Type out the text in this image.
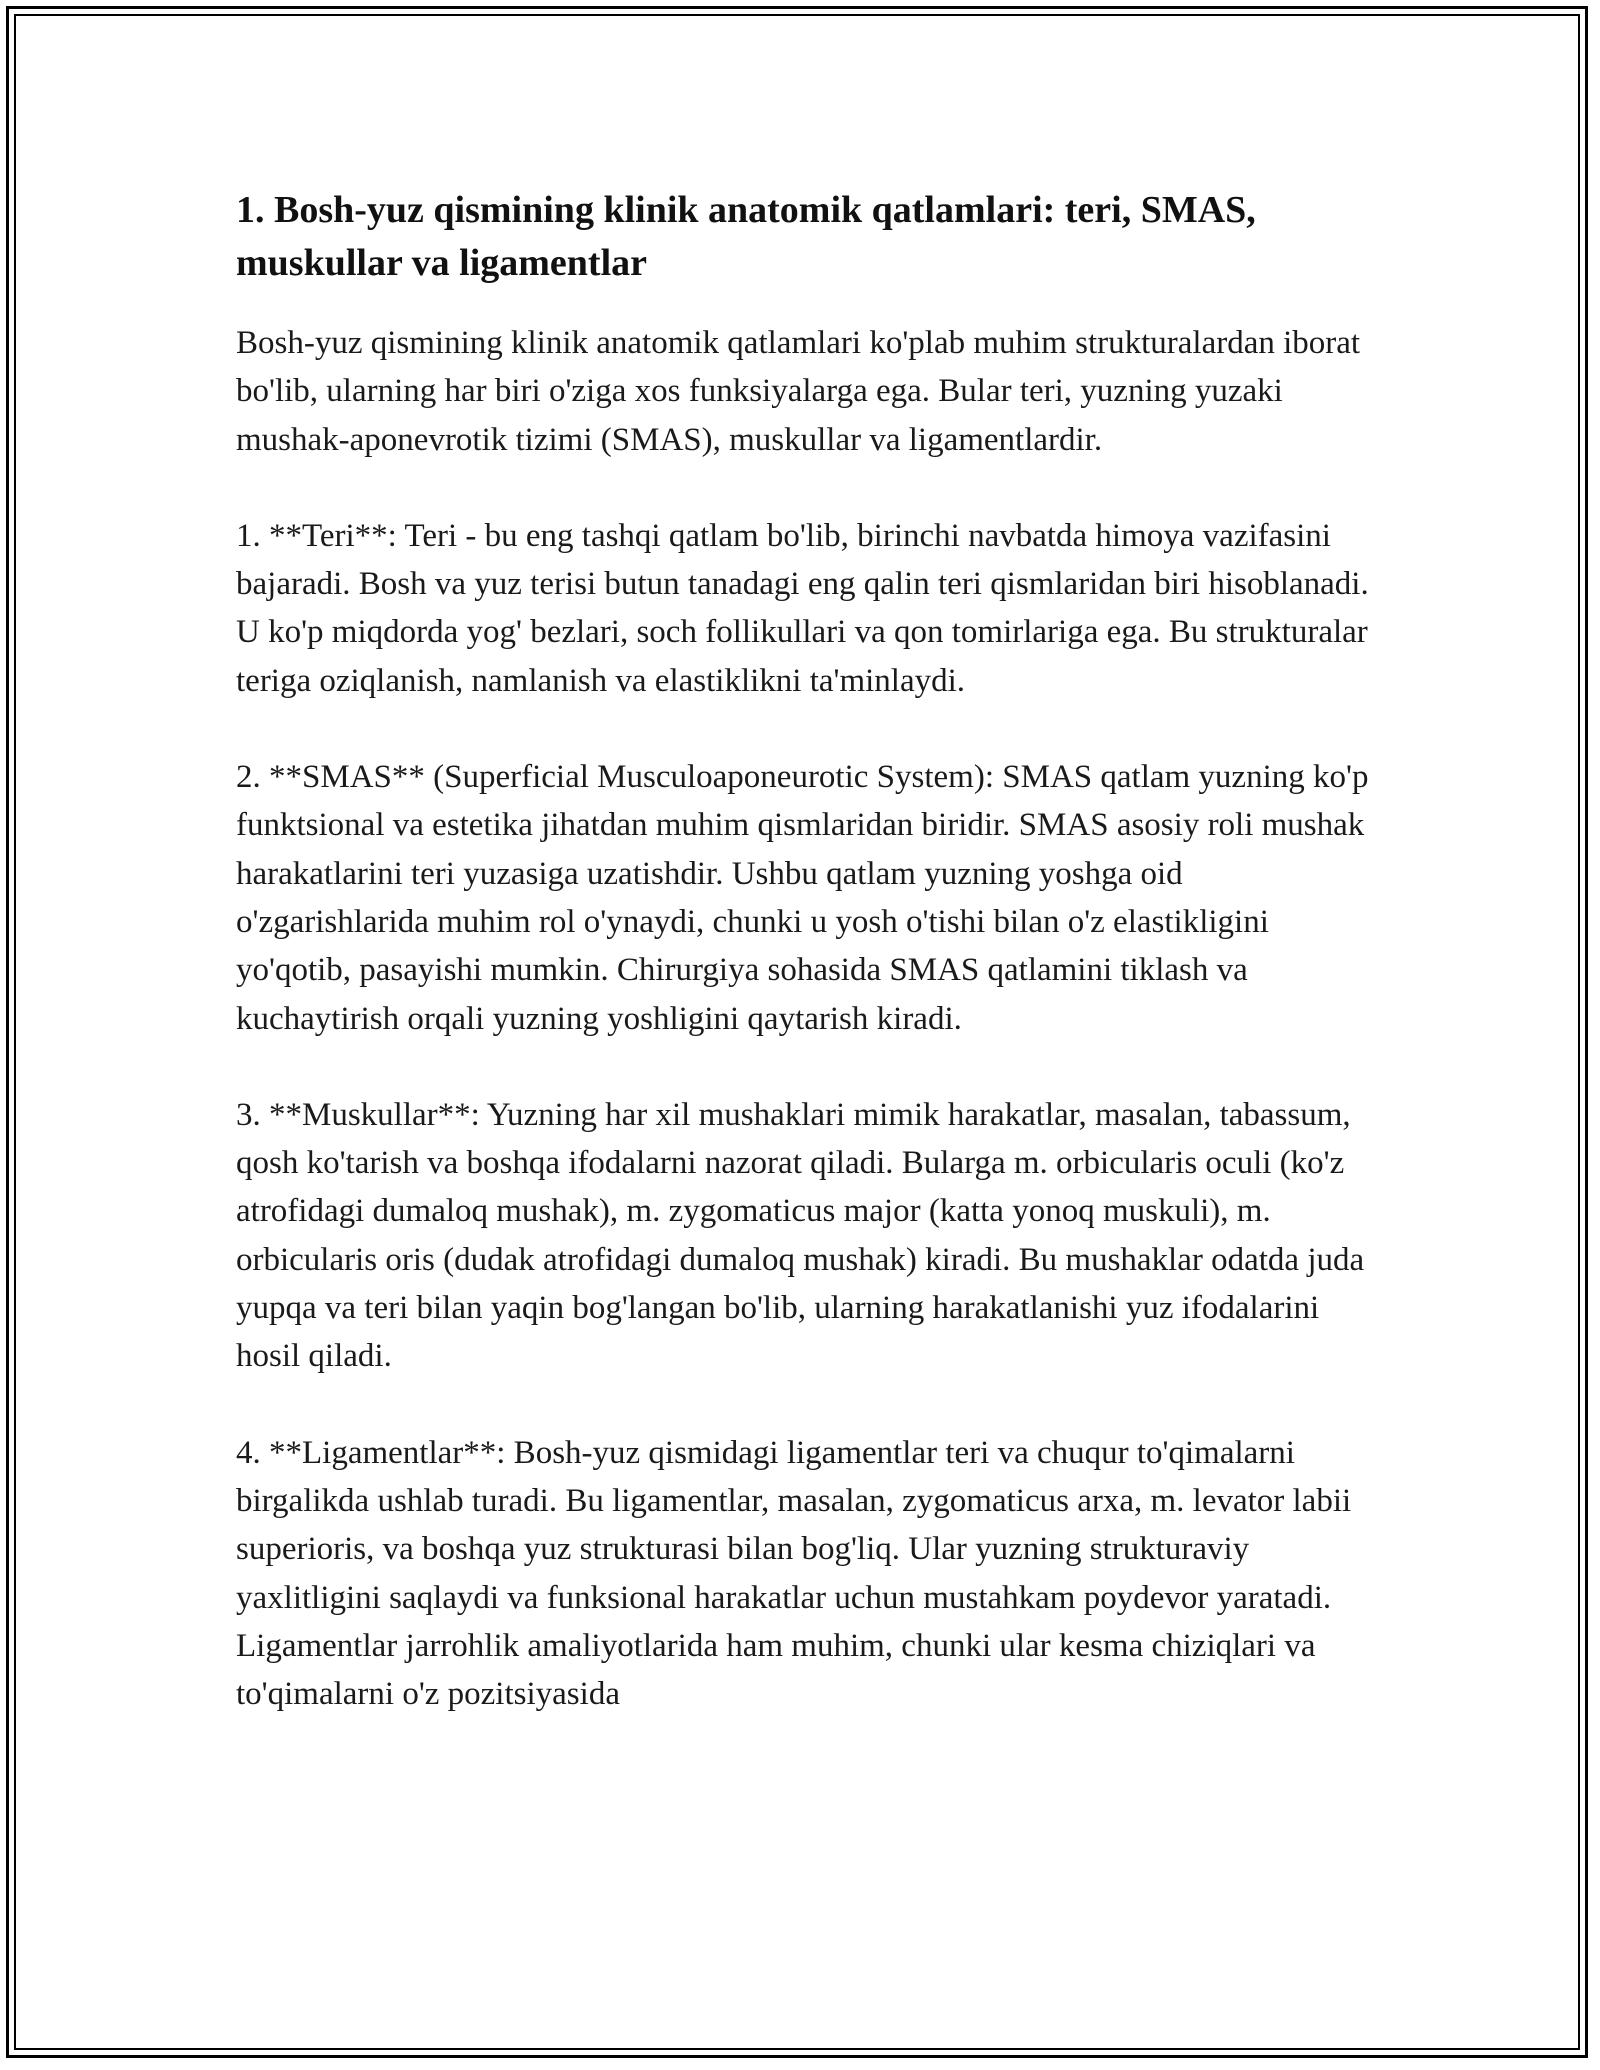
1. Bosh-yuz qismining klinik anatomik qatlamlari: teri, SMAS, muskullar va ligamentlar

Bosh-yuz qismining klinik anatomik qatlamlari ko'plab muhim strukturalardan iborat bo'lib, ularning har biri o'ziga xos funksiyalarga ega. Bular teri, yuzning yuzaki mushak-aponevrotik tizimi (SMAS), muskullar va ligamentlardir.

1. **Teri**: Teri - bu eng tashqi qatlam bo'lib, birinchi navbatda himoya vazifasini bajaradi. Bosh va yuz terisi butun tanadagi eng qalin teri qismlaridan biri hisoblanadi. U ko'p miqdorda yog' bezlari, soch follikullari va qon tomirlariga ega. Bu strukturalar teriga oziqlanish, namlanish va elastiklikni ta'minlaydi.

2. **SMAS** (Superficial Musculoaponeurotic System): SMAS qatlam yuzning ko'p funktsional va estetika jihatdan muhim qismlaridan biridir. SMAS asosiy roli mushak harakatlarini teri yuzasiga uzatishdir. Ushbu qatlam yuzning yoshga oid o'zgarishlarida muhim rol o'ynaydi, chunki u yosh o'tishi bilan o'z elastikligini yo'qotib, pasayishi mumkin. Chirurgiya sohasida SMAS qatlamini tiklash va kuchaytirish orqali yuzning yoshligini qaytarish kiradi.

3. **Muskullar**: Yuzning har xil mushaklari mimik harakatlar, masalan, tabassum, qosh ko'tarish va boshqa ifodalarni nazorat qiladi. Bularga m. orbicularis oculi (ko'z atrofidagi dumaloq mushak), m. zygomaticus major (katta yonoq muskuli), m. orbicularis oris (dudak atrofidagi dumaloq mushak) kiradi. Bu mushaklar odatda juda yupqa va teri bilan yaqin bog'langan bo'lib, ularning harakatlanishi yuz ifodalarini hosil qiladi.

4. **Ligamentlar**: Bosh-yuz qismidagi ligamentlar teri va chuqur to'qimalarni birgalikda ushlab turadi. Bu ligamentlar, masalan, zygomaticus arxa, m. levator labii superioris, va boshqa yuz strukturasi bilan bog'liq. Ular yuzning strukturaviy yaxlitligini saqlaydi va funksional harakatlar uchun mustahkam poydevor yaratadi. Ligamentlar jarrohlik amaliyotlarida ham muhim, chunki ular kesma chiziqlari va to'qimalarni o'z pozitsiyasida
